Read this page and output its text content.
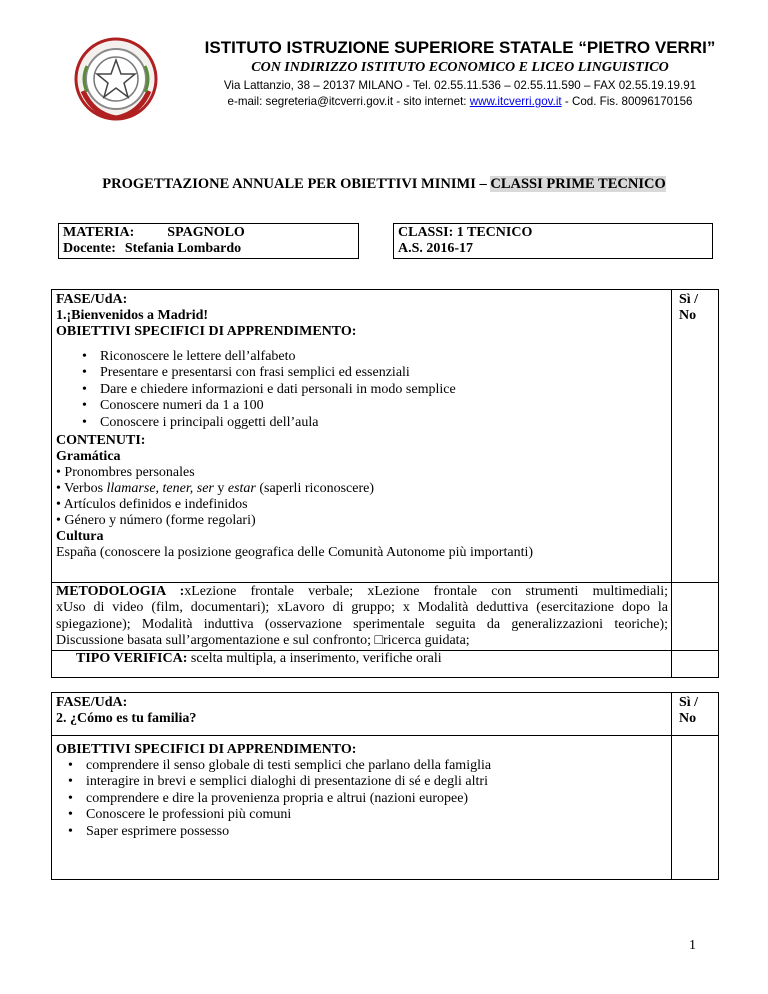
ISTITUTO ISTRUZIONE SUPERIORE STATALE “PIETRO VERRI”
CON INDIRIZZO ISTITUTO ECONOMICO E LICEO LINGUISTICO
Via Lattanzio, 38 – 20137 MILANO - Tel. 02.55.11.536 – 02.55.11.590 – FAX 02.55.19.19.91
e-mail: segreteria@itcverri.gov.it - sito internet: www.itcverri.gov.it - Cod. Fis. 80096170156
PROGETTAZIONE ANNUALE PER OBIETTIVI MINIMI – CLASSI PRIME TECNICO
MATERIA: SPAGNOLO
Docente: Stefania Lombardo
CLASSI: 1 TECNICO
A.S. 2016-17
FASE/UdA:
1.¡Bienvenidos a Madrid!
OBIETTIVI SPECIFICI DI APPRENDIMENTO:
Sì /
No
• Riconoscere le lettere dell’alfabeto
• Presentare e presentarsi con frasi semplici ed essenziali
• Dare e chiedere informazioni e dati personali in modo semplice
• Conoscere numeri da 1 a 100
• Conoscere i principali oggetti dell’aula
CONTENUTI:
Gramática
• Pronombres personales
• Verbos llamarse, tener, ser y estar (saperli riconoscere)
• Artículos definidos e indefinidos
• Género y número (forme regolari)
Cultura
España (conoscere la posizione geografica delle Comunità Autonome più importanti)
METODOLOGIA :xLezione frontale verbale; xLezione frontale con strumenti multimediali;
xUso di video (film, documentari); xLavoro di gruppo; x Modalità deduttiva (esercitazione dopo la
spiegazione); Modalità induttiva (osservazione sperimentale seguita da generalizzazioni teoriche);
Discussione basata sull’argomentazione e sul confronto; □ricerca guidata;
TIPO VERIFICA: scelta multipla, a inserimento, verifiche orali
FASE/UdA:
2. ¿Cómo es tu familia?
Sì /
No
OBIETTIVI SPECIFICI DI APPRENDIMENTO:
• comprendere il senso globale di testi semplici che parlano della famiglia
• interagire in brevi e semplici dialoghi di presentazione di sé e degli altri
• comprendere e dire la provenienza propria e altrui (nazioni europee)
• Conoscere le professioni più comuni
• Saper esprimere possesso
1
